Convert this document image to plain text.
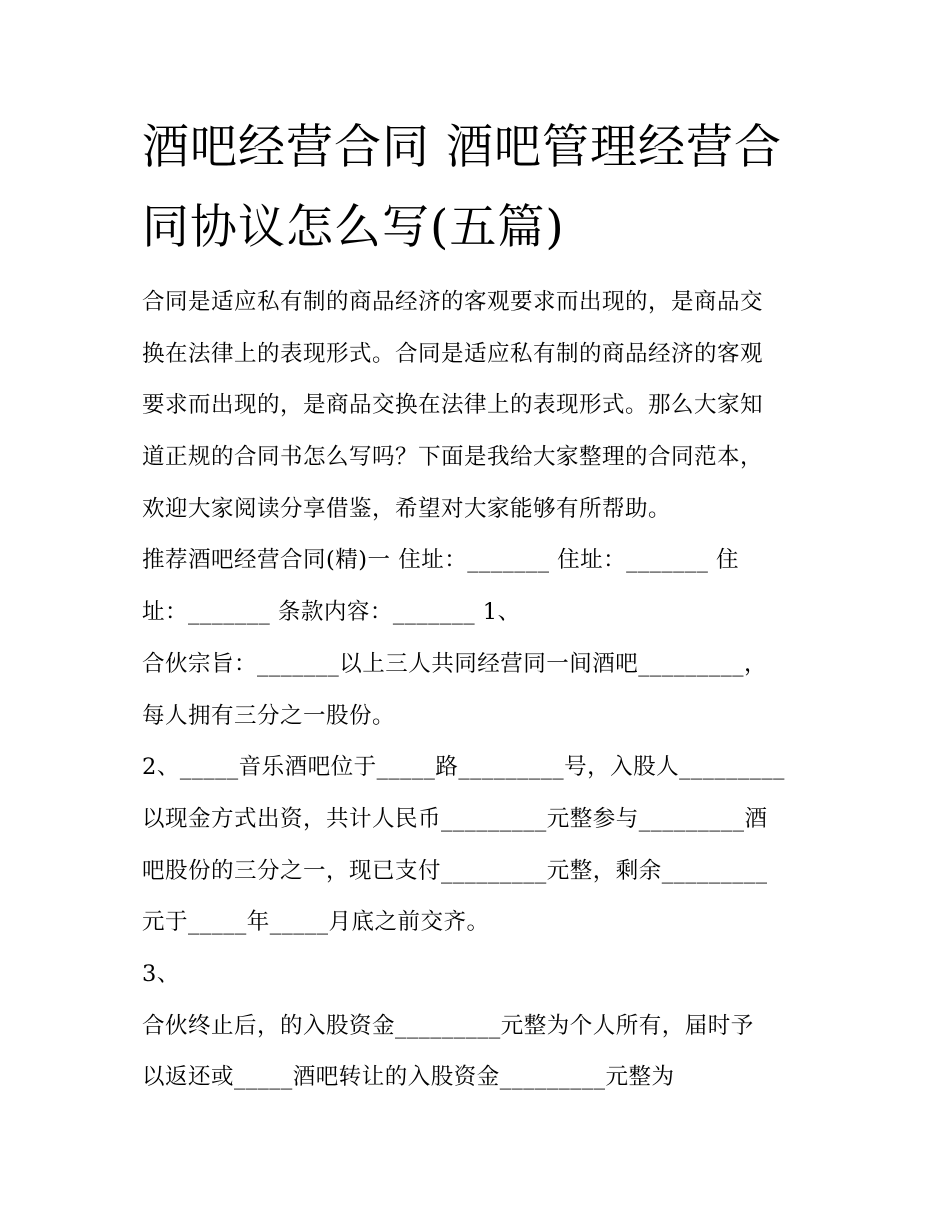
酒吧经营合同 酒吧管理经营合
同协议怎么写(五篇)
合同是适应私有制的商品经济的客观要求而出现的，是商品交
换在法律上的表现形式。合同是适应私有制的商品经济的客观
要求而出现的，是商品交换在法律上的表现形式。那么大家知
道正规的合同书怎么写吗？下面是我给大家整理的合同范本，
欢迎大家阅读分享借鉴，希望对大家能够有所帮助。
推荐酒吧经营合同(精)一 住址：_______ 住址：_______ 住
址：_______ 条款内容：_______ 1、
合伙宗旨：_______以上三人共同经营同一间酒吧_________，
每人拥有三分之一股份。
2、_____音乐酒吧位于_____路_________号，入股人_________
以现金方式出资，共计人民币_________元整参与_________酒
吧股份的三分之一，现已支付_________元整，剩余_________
元于_____年_____月底之前交齐。
3、
合伙终止后，的入股资金_________元整为个人所有，届时予
以返还或_____酒吧转让的入股资金_________元整为
